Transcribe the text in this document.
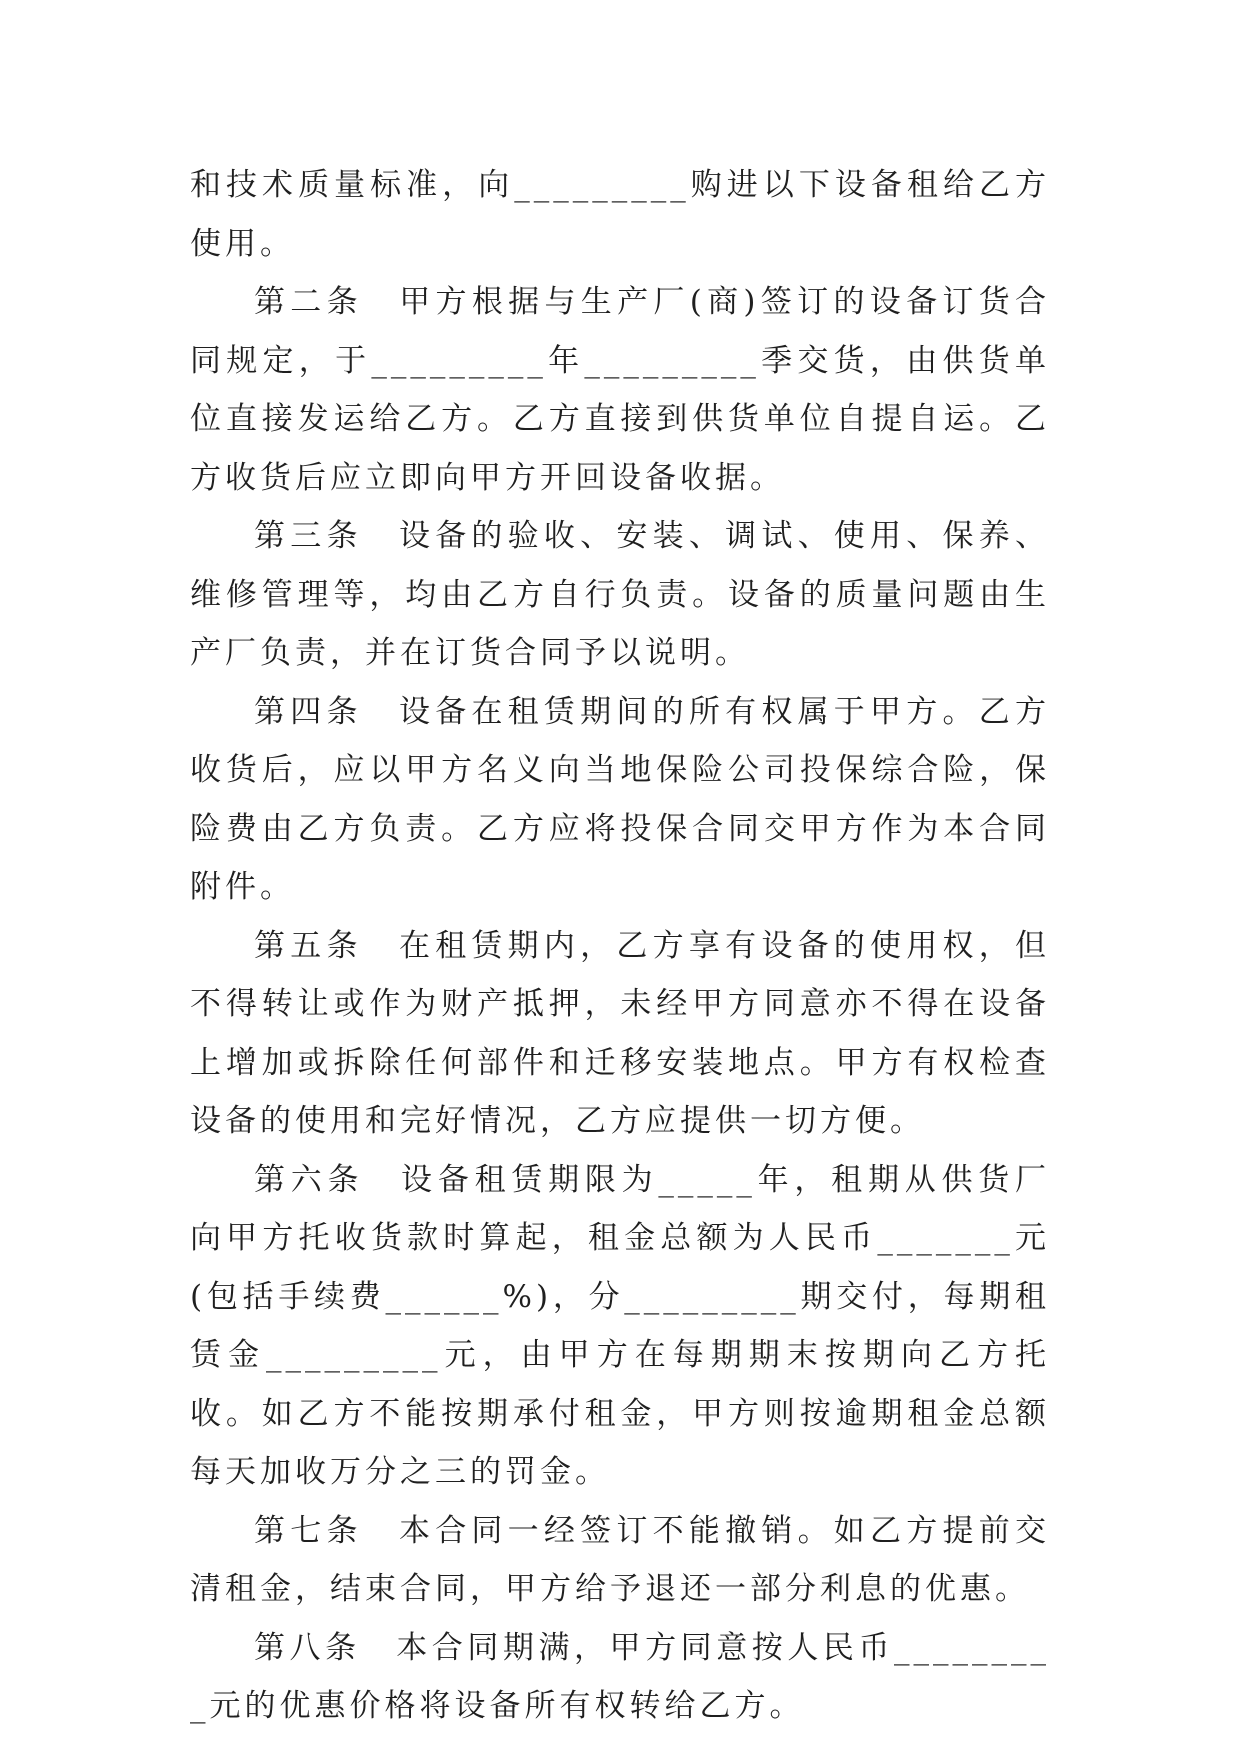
和技术质量标准，向_________购进以下设备租给乙方使用。

第二条　甲方根据与生产厂(商)签订的设备订货合同规定，于_________年_________季交货，由供货单位直接发运给乙方。乙方直接到供货单位自提自运。乙方收货后应立即向甲方开回设备收据。

第三条　设备的验收、安装、调试、使用、保养、维修管理等，均由乙方自行负责。设备的质量问题由生产厂负责，并在订货合同予以说明。

第四条　设备在租赁期间的所有权属于甲方。乙方收货后，应以甲方名义向当地保险公司投保综合险，保险费由乙方负责。乙方应将投保合同交甲方作为本合同附件。

第五条　在租赁期内，乙方享有设备的使用权，但不得转让或作为财产抵押，未经甲方同意亦不得在设备上增加或拆除任何部件和迁移安装地点。甲方有权检查设备的使用和完好情况，乙方应提供一切方便。

第六条　设备租赁期限为_____年，租期从供货厂向甲方托收货款时算起，租金总额为人民币_______元(包括手续费______%)，分_________期交付，每期租赁金_________元，由甲方在每期期末按期向乙方托收。如乙方不能按期承付租金，甲方则按逾期租金总额每天加收万分之三的罚金。

第七条　本合同一经签订不能撤销。如乙方提前交清租金，结束合同，甲方给予退还一部分利息的优惠。

第八条　本合同期满，甲方同意按人民币_________元的优惠价格将设备所有权转给乙方。
